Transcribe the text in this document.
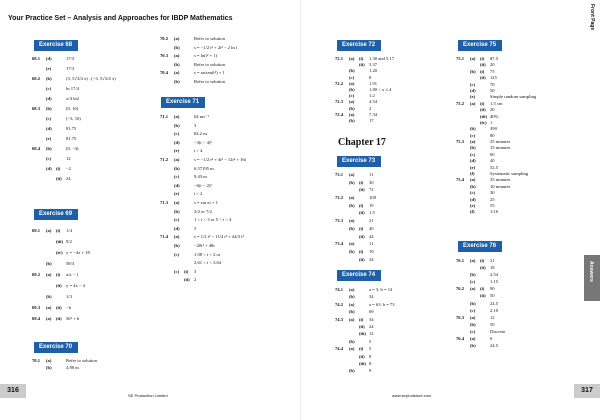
Your Practice Set – Analysis and Approaches for IBDP Mathematics	Front Page
Exercise 68
68.1 (d)	17/3
(e)	17/3
68.2 (b)	(3, 5√3/4 π) , (−3, 5√3/4 π)
(c)	ln 17/4
(d)	π/4 ln2
68.3 (b)	(0, 16)
(c)	(−3, 16)
(d)	81.75
(e)	81.75
68.4 (b)	(0, −4)
(c)	12
(d) (i) −2
(ii) 24
Exercise 69
69.1 (a) (i) 1/4
(iii) 9/2
(iv) y = −4x + 18
(b)	58/3
69.2 (a) (i) a/a − 1
(ii) y = 4x − 4
(b)	1/3
69.3 (a) (ii) −h
69.4 (a) (ii) 36³ + h
Exercise 70
70.1 (a)	Refer to solution
(b)	4.88 m
70.2 (a)	Refer to solution
(b)	s = −1/2 t³ + 2t² − 2 ln t
70.3 (a)	s = ln(t² + 1)
(b)	Refer to solution
70.4 (a)	s = arctan(t²) + 1
(b)	Refer to solution
Exercise 71
71.1 (a)	64 ms⁻¹
(b)	3
(c)	84.2 m
(d)	−3(t − 4)²
(e)	t > 4
71.2 (a)	s = −1/2 t⁴ + 4t³ − 12t² + 16t
(b)	6.57195 m
(c)	9.43 m
(d)	−6(t − 2)²
(e)	t < 2
71.3 (a)	s = sin πt + 1
(b)	3/2 or 7/2
(c)	1 < t < 3 or 5 < t < 4
(d)	5
71.4 (a)	s = 1/2 t³ − 11/4 t² + 44/3 t³
(b)	−20t² + 48t
(c)	1.08 < t < 2 or
2.61 < t < 3.64
(c) (i) 3
(ii) 2
Exercise 72
72.1 (a) (i) 1.30 and 5.17
(ii) 5.37
(b)	1.20
(c)	8
72.2 (a)	1.91
(b)	1.80 < x ≤ 4
(c)	1.2
72.3 (a)	4.54
(b)	2
72.4 (a)	7.34
(b)	17
Chapter 17
Exercise 73
73.1 (a)	11
(b) (i) 30
(ii) 72
73.2 (a)	108
(b) (i) 19
(ii) 1.5
73.3 (a)	21
(b) (i) 40
(ii) 44
73.4 (a)	11
(b) (i) 19
(ii) 34
Exercise 74
74.1 (a)	a = 3, b = 14
(b)	34
74.2 (a)	a = 63, b = 73
(b)	69
74.3 (a) (i) 34
(ii) 24
(iii) 12
(b)	5
74.4 (a) (i) 5
(ii) 8
(iii) 8
(b)	9
Exercise 75
75.1 (a) (i) $7.5
(ii) 20
(b) (i) 75
(ii) 125
(c)	70
(d)	50
(e)	Simple random sampling
75.2 (a) (i) 1.5 cm
(ii) 20
(iii) 40%
(iv) 1
(b)	390
(c)	80
75.3 (a)	25 minutes
(b)	15 minutes
(c)	60
(d)	40
(e)	52.5
(f)	Systematic sampling
75.4 (a)	35 minutes
(b)	10 minutes
(c)	30
(d)	25
(e)	55
(f)	1/16
Exercise 76
76.1 (a) (i) 21
(ii) 18
(b)	2.54
(c)	1.15
76.2 (a) (i) 90
(ii) 50
(b)	24.5
(c)	2.10
76.3 (a)	12
(b)	50
(c)	Discrete
76.4 (a)	6
(b)	24.5
Answers
316	317
SE Production Limited	www.seprodstore.com
